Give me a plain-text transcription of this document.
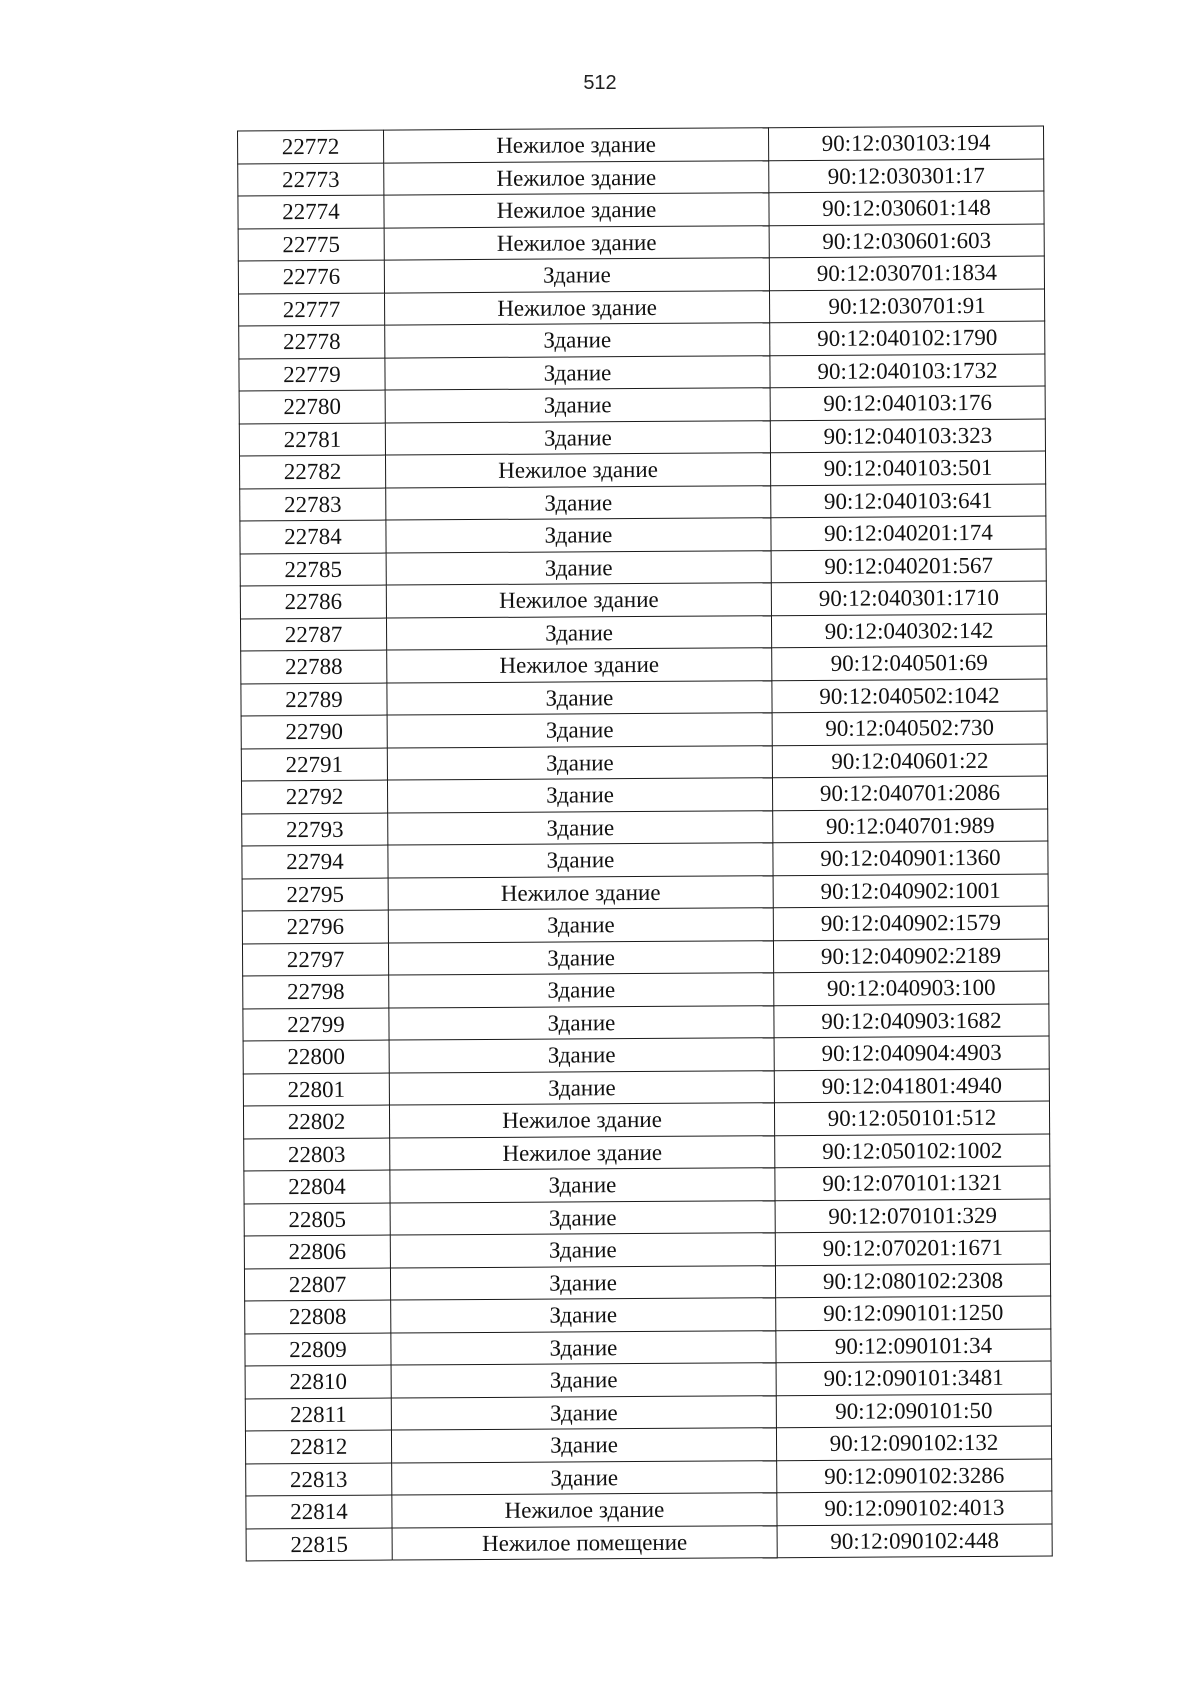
512
22772	Нежилое здание	90:12:030103:194
22773	Нежилое здание	90:12:030301:17
22774	Нежилое здание	90:12:030601:148
22775	Нежилое здание	90:12:030601:603
22776	Здание	90:12:030701:1834
22777	Нежилое здание	90:12:030701:91
22778	Здание	90:12:040102:1790
22779	Здание	90:12:040103:1732
22780	Здание	90:12:040103:176
22781	Здание	90:12:040103:323
22782	Нежилое здание	90:12:040103:501
22783	Здание	90:12:040103:641
22784	Здание	90:12:040201:174
22785	Здание	90:12:040201:567
22786	Нежилое здание	90:12:040301:1710
22787	Здание	90:12:040302:142
22788	Нежилое здание	90:12:040501:69
22789	Здание	90:12:040502:1042
22790	Здание	90:12:040502:730
22791	Здание	90:12:040601:22
22792	Здание	90:12:040701:2086
22793	Здание	90:12:040701:989
22794	Здание	90:12:040901:1360
22795	Нежилое здание	90:12:040902:1001
22796	Здание	90:12:040902:1579
22797	Здание	90:12:040902:2189
22798	Здание	90:12:040903:100
22799	Здание	90:12:040903:1682
22800	Здание	90:12:040904:4903
22801	Здание	90:12:041801:4940
22802	Нежилое здание	90:12:050101:512
22803	Нежилое здание	90:12:050102:1002
22804	Здание	90:12:070101:1321
22805	Здание	90:12:070101:329
22806	Здание	90:12:070201:1671
22807	Здание	90:12:080102:2308
22808	Здание	90:12:090101:1250
22809	Здание	90:12:090101:34
22810	Здание	90:12:090101:3481
22811	Здание	90:12:090101:50
22812	Здание	90:12:090102:132
22813	Здание	90:12:090102:3286
22814	Нежилое здание	90:12:090102:4013
22815	Нежилое помещение	90:12:090102:448
